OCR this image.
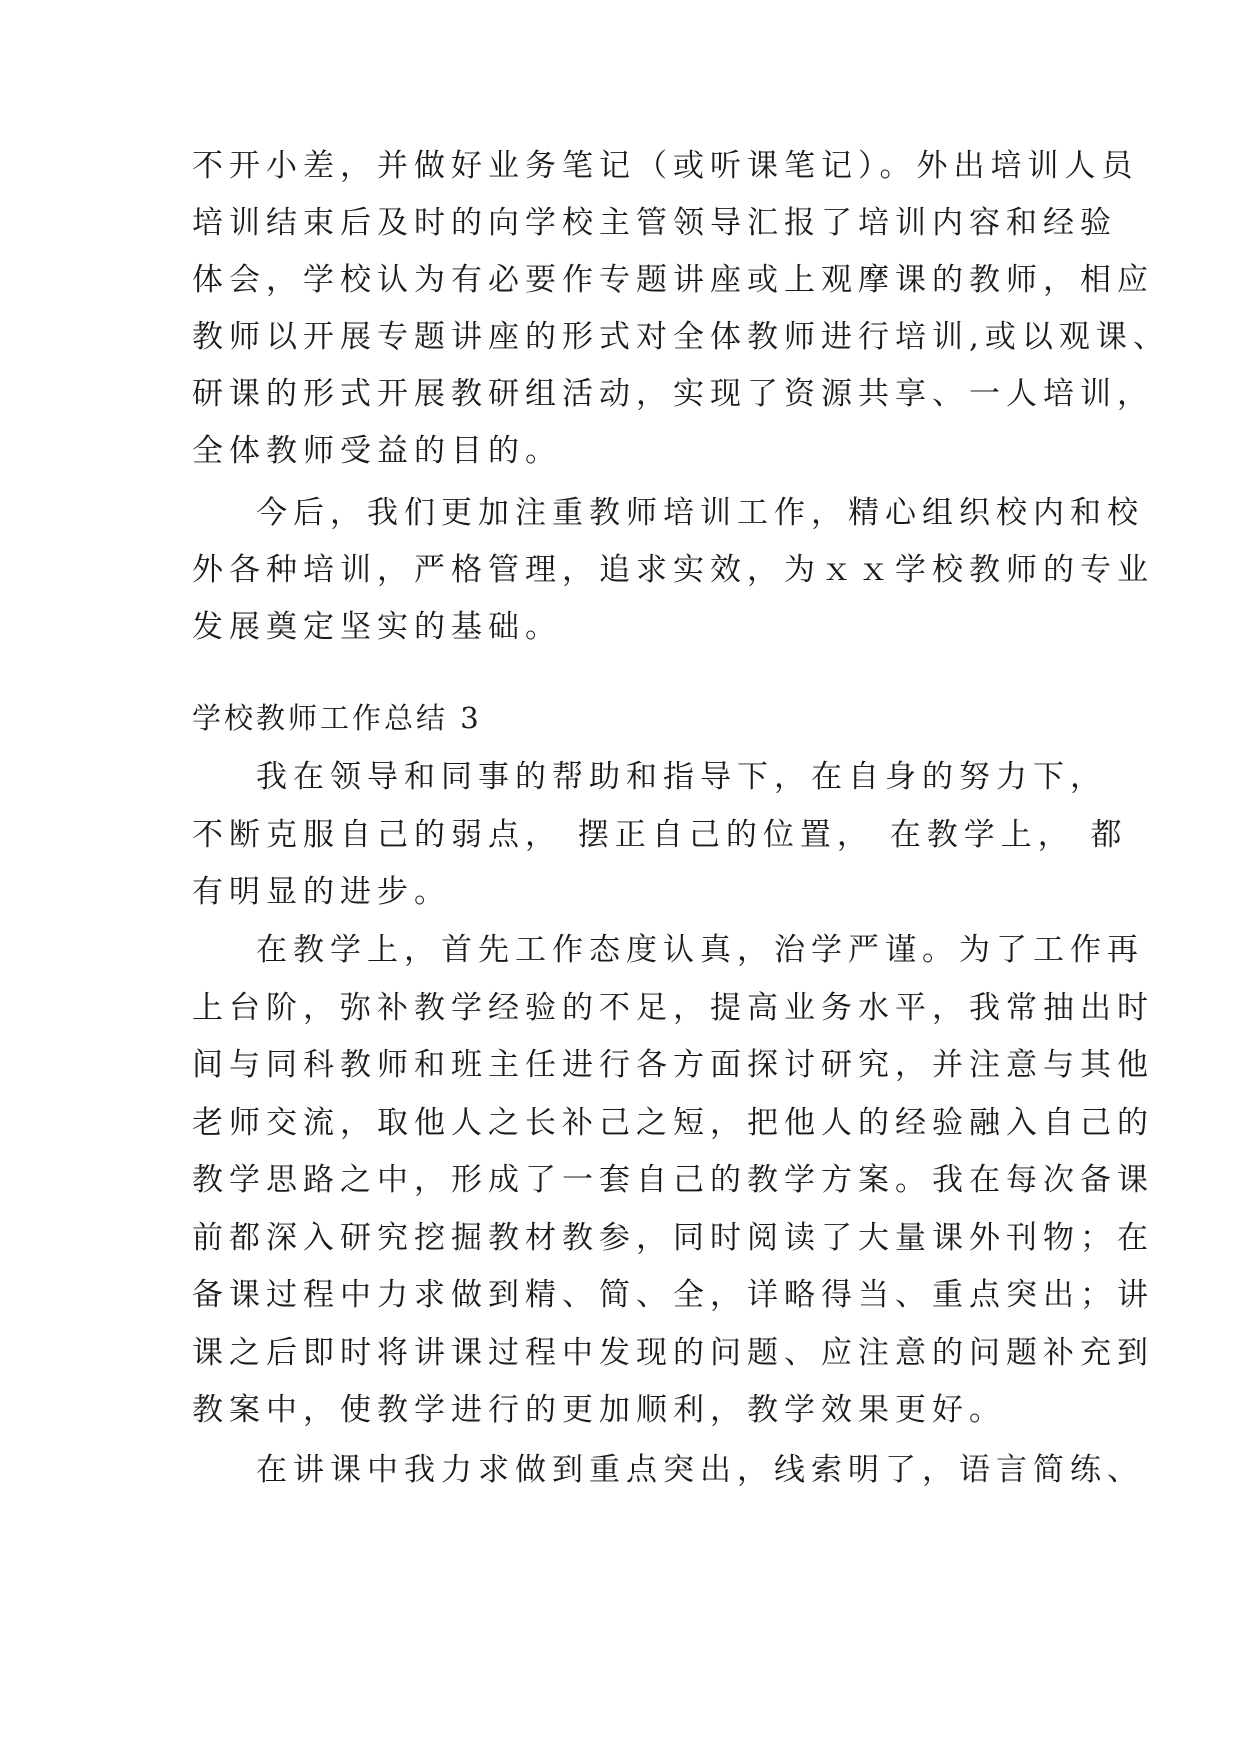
不开小差，并做好业务笔记（或听课笔记）。外出培训人员
培训结束后及时的向学校主管领导汇报了培训内容和经验
体会，学校认为有必要作专题讲座或上观摩课的教师，相应
教师以开展专题讲座的形式对全体教师进行培训,或以观课、
研课的形式开展教研组活动，实现了资源共享、一人培训，
全体教师受益的目的。
今后，我们更加注重教师培训工作，精心组织校内和校
外各种培训，严格管理，追求实效，为ｘｘ学校教师的专业
发展奠定坚实的基础。
学校教师工作总结 3
我在领导和同事的帮助和指导下，在自身的努力下，
不断克服自己的弱点， 摆正自己的位置， 在教学上， 都
有明显的进步。
在教学上，首先工作态度认真，治学严谨。为了工作再
上台阶，弥补教学经验的不足，提高业务水平，我常抽出时
间与同科教师和班主任进行各方面探讨研究，并注意与其他
老师交流，取他人之长补己之短，把他人的经验融入自己的
教学思路之中，形成了一套自己的教学方案。我在每次备课
前都深入研究挖掘教材教参，同时阅读了大量课外刊物；在
备课过程中力求做到精、简、全，详略得当、重点突出；讲
课之后即时将讲课过程中发现的问题、应注意的问题补充到
教案中，使教学进行的更加顺利，教学效果更好。
在讲课中我力求做到重点突出，线索明了，语言简练、
